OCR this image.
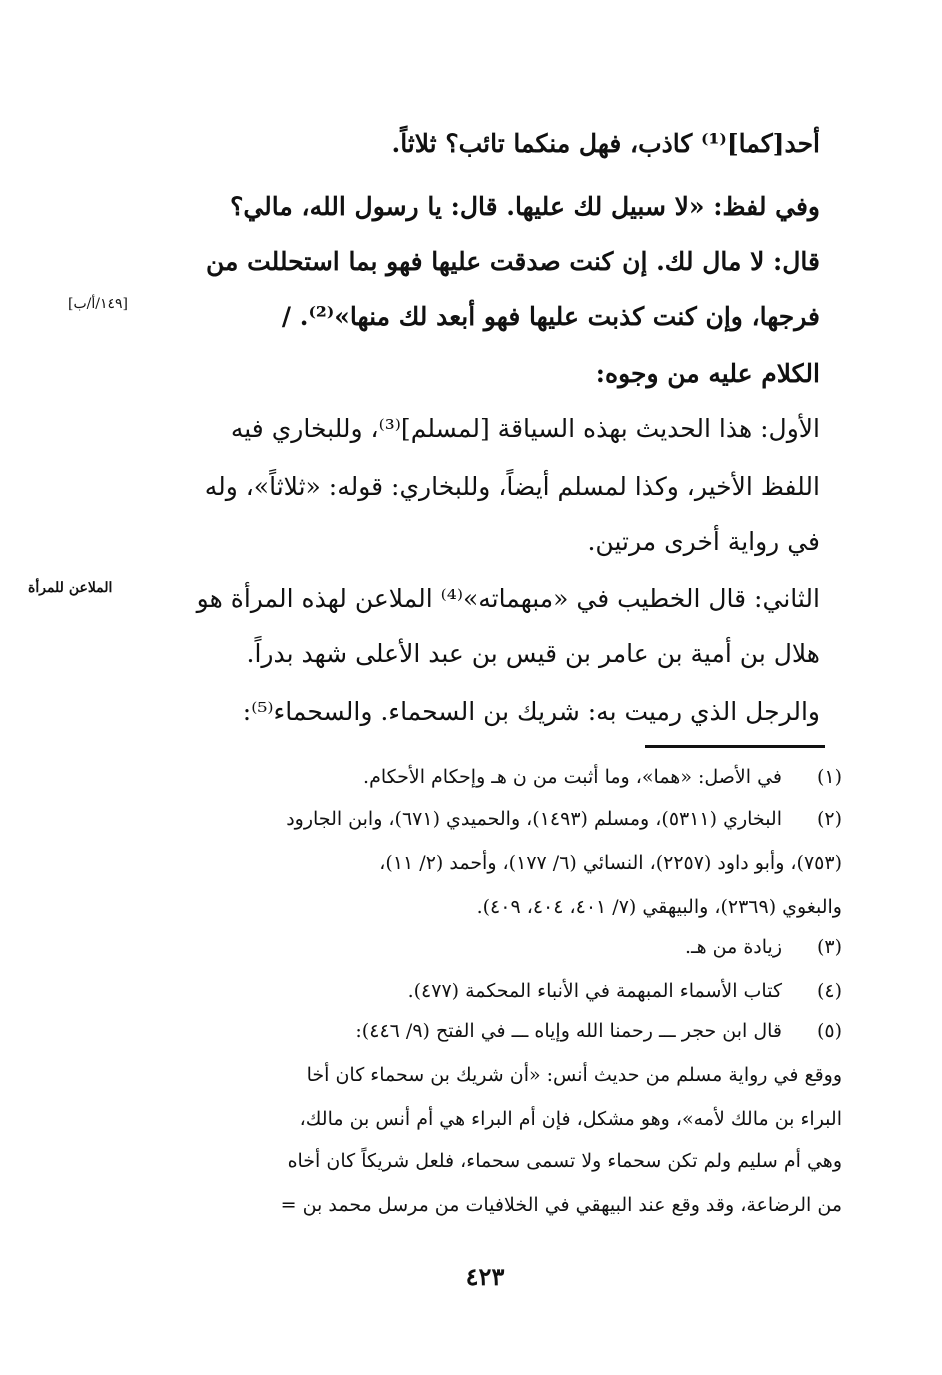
أحد[كما]⁽¹⁾ كاذب، فهل منكما تائب؟ ثلاثاً.
وفي لفظ: «لا سبيل لك عليها. قال: يا رسول الله، مالي؟
قال: لا مال لك. إن كنت صدقت عليها فهو بما استحللت من
فرجها، وإن كنت كذبت عليها فهو أبعد لك منها»⁽²⁾. /
الكلام عليه من وجوه:
الأول: هذا الحديث بهذه السياقة [لمسلم]⁽³⁾، وللبخاري فيه
اللفظ الأخير، وكذا لمسلم أيضاً، وللبخاري: قوله: «ثلاثاً»، وله
في رواية أخرى مرتين.
الثاني: قال الخطيب في «مبهماته»⁽⁴⁾ الملاعن لهذه المرأة هو
هلال بن أمية بن عامر بن قيس بن عبد الأعلى شهد بدراً.
والرجل الذي رميت به: شريك بن السحماء. والسحماء⁽⁵⁾:
[١٤٩/أ/ب]
الملاعن للمرأة
(١)
في الأصل: «هما»، وما أثبت من ن هـ وإحكام الأحكام.
(٢)
البخاري (٥٣١١)، ومسلم (١٤٩٣)، والحميدي (٦٧١)، وابن الجارود
(٧٥٣)، وأبو داود (٢٢٥٧)، النسائي (٦/ ١٧٧)، وأحمد (٢/ ١١)،
والبغوي (٢٣٦٩)، والبيهقي (٧/ ٤٠١، ٤٠٤، ٤٠٩).
(٣)
زيادة من هـ.
(٤)
كتاب الأسماء المبهمة في الأنباء المحكمة (٤٧٧).
(٥)
قال ابن حجر ـــ رحمنا الله وإياه ـــ في الفتح (٩/ ٤٤٦):
ووقع في رواية مسلم من حديث أنس: «أن شريك بن سحماء كان أخا
البراء بن مالك لأمه»، وهو مشكل، فإن أم البراء هي أم أنس بن مالك،
وهي أم سليم ولم تكن سحماء ولا تسمى سحماء، فلعل شريكاً كان أخاه
من الرضاعة، وقد وقع عند البيهقي في الخلافيات من مرسل محمد بن =
٤٢٣
